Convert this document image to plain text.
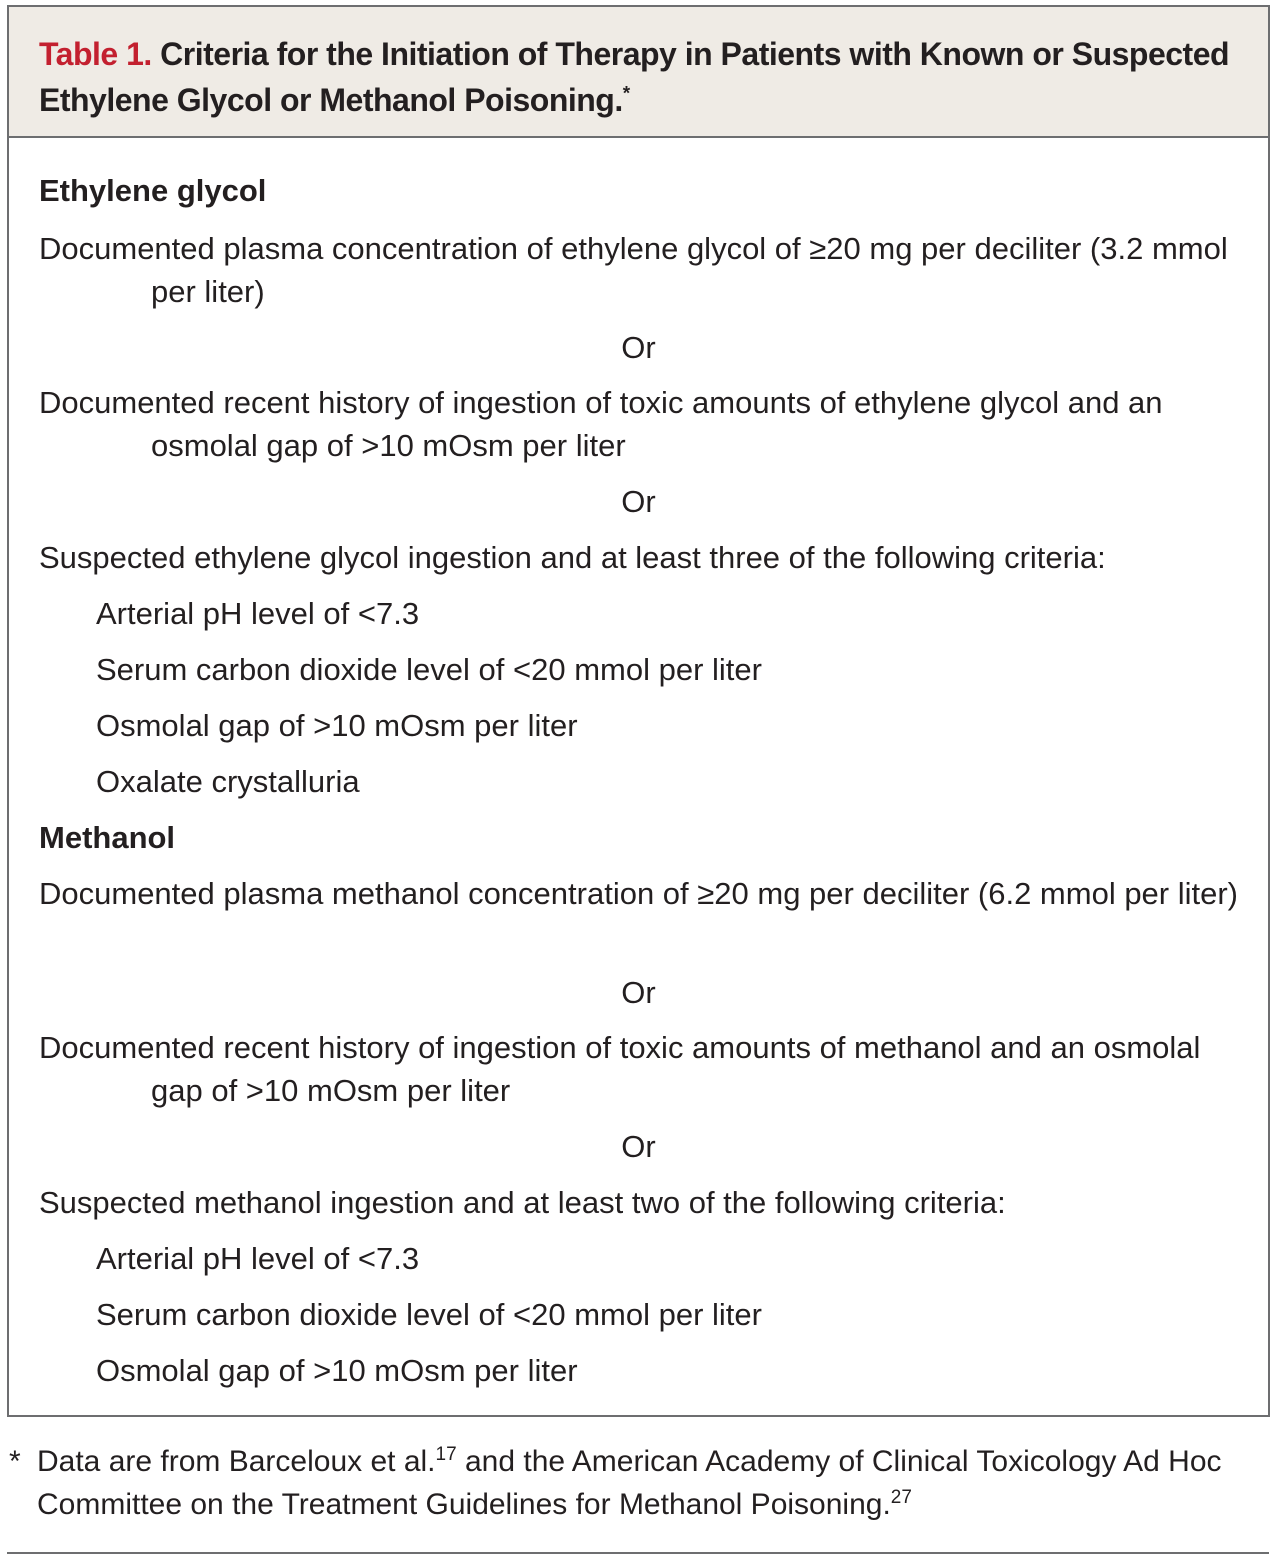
Table 1. Criteria for the Initiation of Therapy in Patients with Known or Suspected Ethylene Glycol or Methanol Poisoning.*
Ethylene glycol
Documented plasma concentration of ethylene glycol of ≥20 mg per deciliter (3.2 mmol per liter)
Or
Documented recent history of ingestion of toxic amounts of ethylene glycol and an osmolal gap of >10 mOsm per liter
Or
Suspected ethylene glycol ingestion and at least three of the following criteria:
Arterial pH level of <7.3
Serum carbon dioxide level of <20 mmol per liter
Osmolal gap of >10 mOsm per liter
Oxalate crystalluria
Methanol
Documented plasma methanol concentration of ≥20 mg per deciliter (6.2 mmol per liter)
Or
Documented recent history of ingestion of toxic amounts of methanol and an osmolal gap of >10 mOsm per liter
Or
Suspected methanol ingestion and at least two of the following criteria:
Arterial pH level of <7.3
Serum carbon dioxide level of <20 mmol per liter
Osmolal gap of >10 mOsm per liter
* Data are from Barceloux et al.$^{17}$ and the American Academy of Clinical Toxicology Ad Hoc Committee on the Treatment Guidelines for Methanol Poisoning.$^{27}$
